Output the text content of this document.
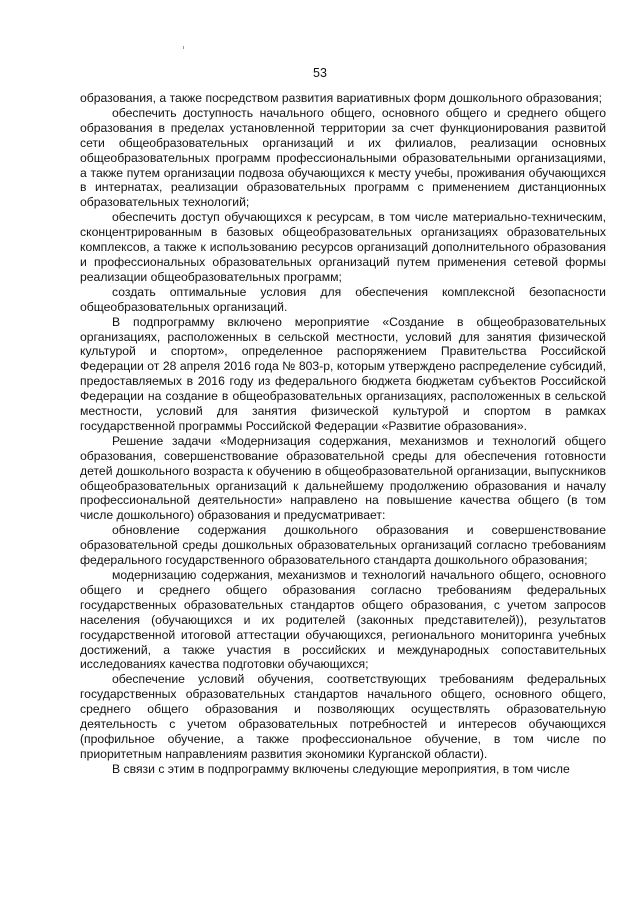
53

образования, а также посредством развития вариативных форм дошкольного образования;

обеспечить доступность начального общего, основного общего и среднего общего образования в пределах установленной территории за счет функционирования развитой сети общеобразовательных организаций и их филиалов, реализации основных общеобразовательных программ профессиональными образовательными организациями, а также путем организации подвоза обучающихся к месту учебы, проживания обучающихся в интернатах, реализации образовательных программ с применением дистанционных образовательных технологий;

обеспечить доступ обучающихся к ресурсам, в том числе материально-техническим, сконцентрированным в базовых общеобразовательных организациях образовательных комплексов, а также к использованию ресурсов организаций дополнительного образования и профессиональных образовательных организаций путем применения сетевой формы реализации общеобразовательных программ;

создать оптимальные условия для обеспечения комплексной безопасности общеобразовательных организаций.

В подпрограмму включено мероприятие «Создание в общеобразовательных организациях, расположенных в сельской местности, условий для занятия физической культурой и спортом», определенное распоряжением Правительства Российской Федерации от 28 апреля 2016 года № 803-р, которым утверждено распределение субсидий, предоставляемых в 2016 году из федерального бюджета бюджетам субъектов Российской Федерации на создание в общеобразовательных организациях, расположенных в сельской местности, условий для занятия физической культурой и спортом в рамках государственной программы Российской Федерации «Развитие образования».

Решение задачи «Модернизация содержания, механизмов и технологий общего образования, совершенствование образовательной среды для обеспечения готовности детей дошкольного возраста к обучению в общеобразовательной организации, выпускников общеобразовательных организаций к дальнейшему продолжению образования и началу профессиональной деятельности» направлено на повышение качества общего (в том числе дошкольного) образования и предусматривает:

обновление содержания дошкольного образования и совершенствование образовательной среды дошкольных образовательных организаций согласно требованиям федерального государственного образовательного стандарта дошкольного образования;

модернизацию содержания, механизмов и технологий начального общего, основного общего и среднего общего образования согласно требованиям федеральных государственных образовательных стандартов общего образования, с учетом запросов населения (обучающихся и их родителей (законных представителей)), результатов государственной итоговой аттестации обучающихся, регионального мониторинга учебных достижений, а также участия в российских и международных сопоставительных исследованиях качества подготовки обучающихся;

обеспечение условий обучения, соответствующих требованиям федеральных государственных образовательных стандартов начального общего, основного общего, среднего общего образования и позволяющих осуществлять образовательную деятельность с учетом образовательных потребностей и интересов обучающихся (профильное обучение, а также профессиональное обучение, в том числе по приоритетным направлениям развития экономики Курганской области).

В связи с этим в подпрограмму включены следующие мероприятия, в том числе
